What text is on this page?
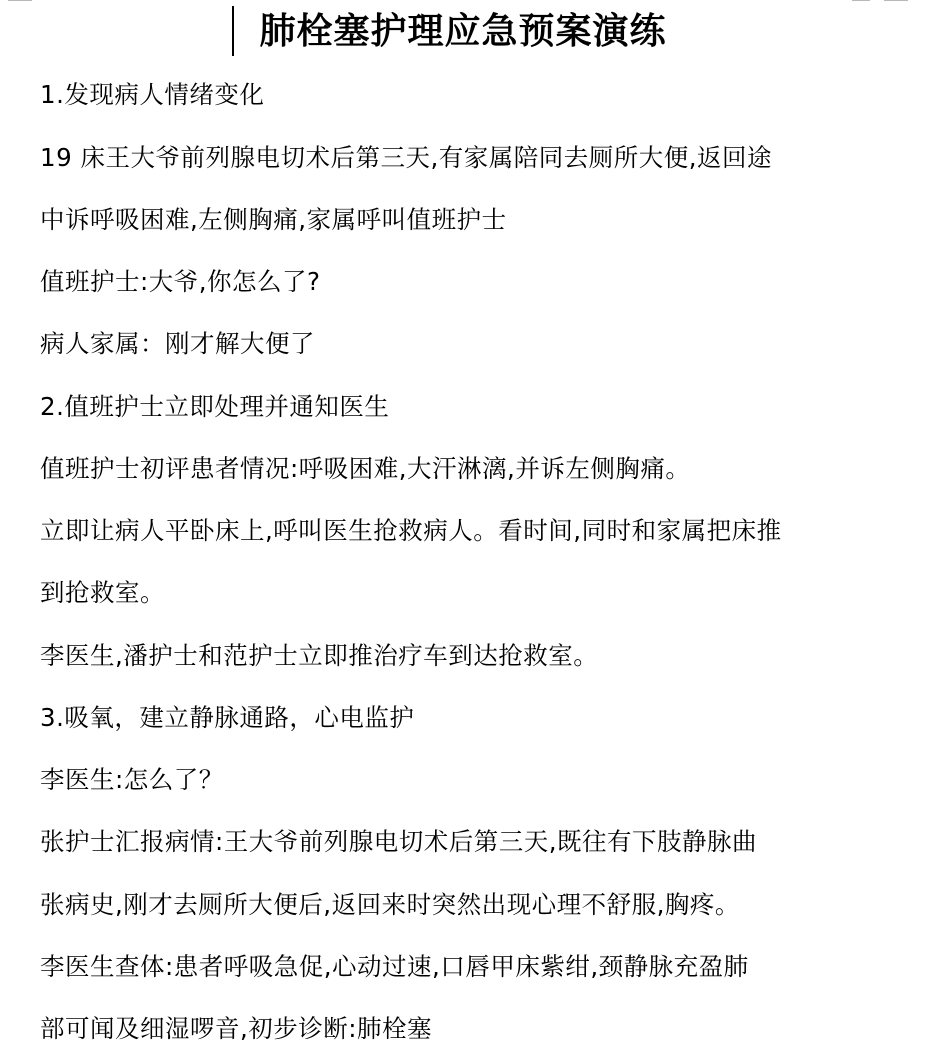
肺栓塞护理应急预案演练
1.发现病人情绪变化
19 床王大爷前列腺电切术后第三天,有家属陪同去厕所大便,返回途
中诉呼吸困难,左侧胸痛,家属呼叫值班护士
值班护士:大爷,你怎么了?
病人家属：刚才解大便了
2.值班护士立即处理并通知医生
值班护士初评患者情况:呼吸困难,大汗淋漓,并诉左侧胸痛。
立即让病人平卧床上,呼叫医生抢救病人。看时间,同时和家属把床推
到抢救室。
李医生,潘护士和范护士立即推治疗车到达抢救室。
3.吸氧，建立静脉通路，心电监护
李医生:怎么了？
张护士汇报病情:王大爷前列腺电切术后第三天,既往有下肢静脉曲
张病史,刚才去厕所大便后,返回来时突然出现心理不舒服,胸疼。
李医生查体:患者呼吸急促,心动过速,口唇甲床紫绀,颈静脉充盈肺
部可闻及细湿啰音,初步诊断:肺栓塞
